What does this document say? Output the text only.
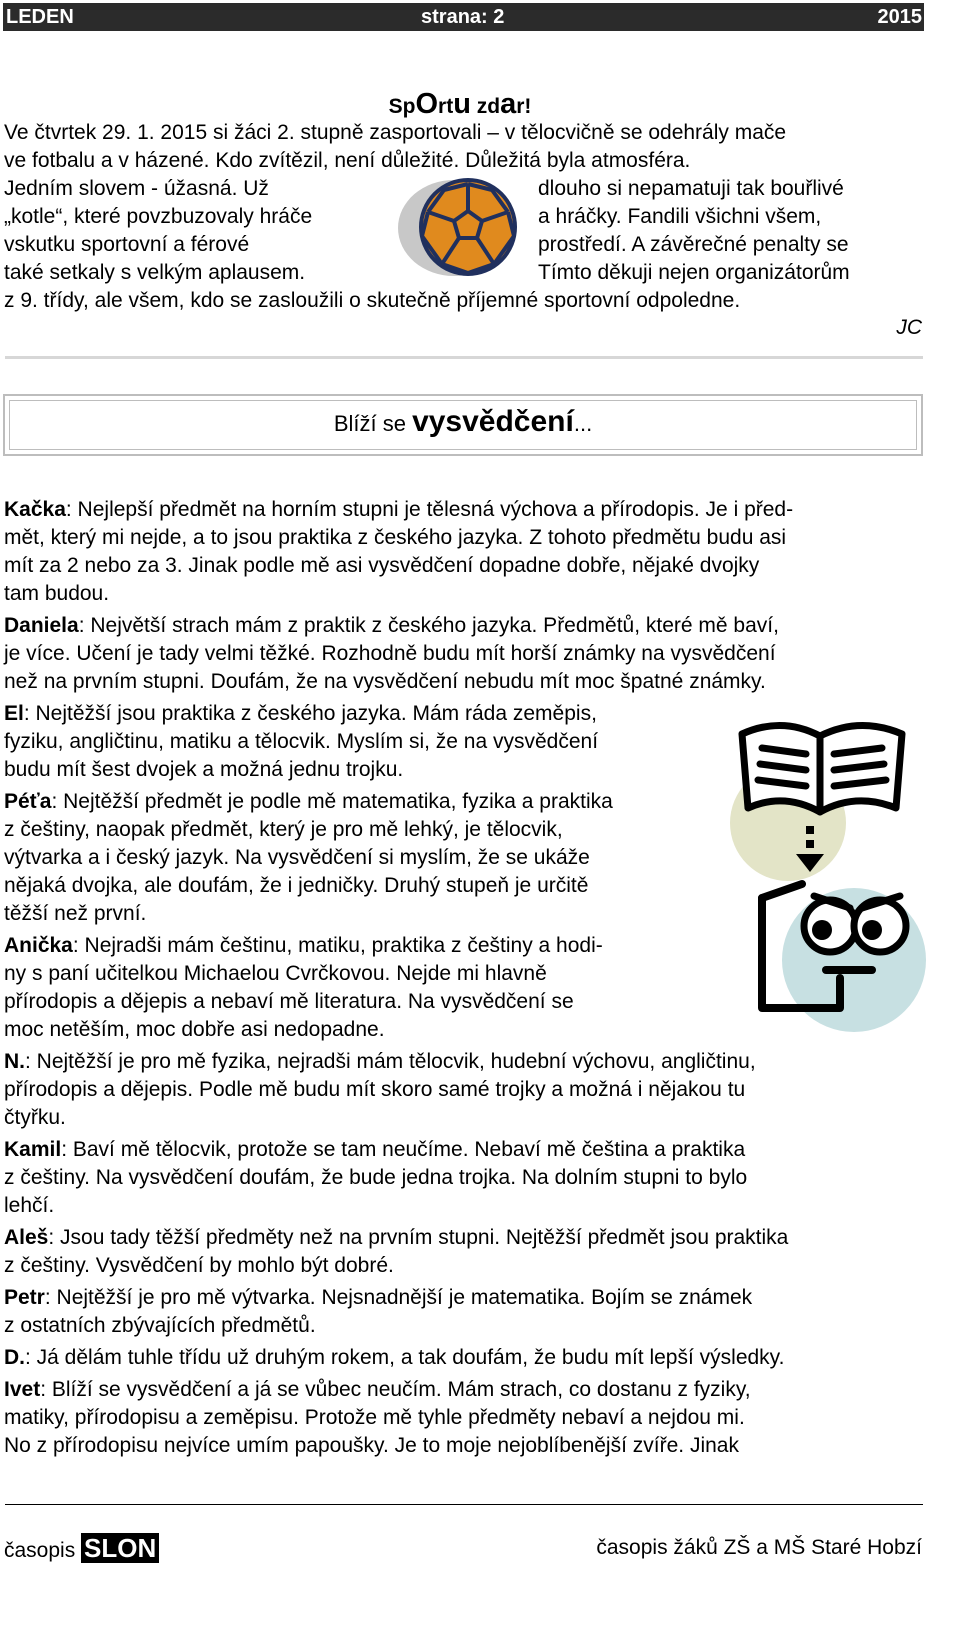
LEDEN	strana: 2	2015
SpOrtu zdar!
Ve čtvrtek 29. 1. 2015 si žáci 2. stupně zasportovali – v tělocvičně se odehrály mače
ve fotbalu a v házené. Kdo zvítězil, není důležité. Důležitá byla atmosféra.
Jedním slovem - úžasná. Už	dlouho si nepamatuji tak bouřlivé
„kotle“, které povzbuzovaly hráče	a hráčky. Fandili všichni všem,
vskutku sportovní a férové	prostředí. A závěrečné penalty se
také setkaly s velkým aplausem.	Tímto děkuji nejen organizátorům
z 9. třídy, ale všem, kdo se zasloužili o skutečně příjemné sportovní odpoledne.
JC
Blíží se vysvědčení...
Kačka: Nejlepší předmět na horním stupni je tělesná výchova a přírodopis. Je i před-
mět, který mi nejde, a to jsou praktika z českého jazyka. Z tohoto předmětu budu asi
mít za 2 nebo za 3. Jinak podle mě asi vysvědčení dopadne dobře, nějaké dvojky
tam budou.
Daniela: Největší strach mám z praktik z českého jazyka. Předmětů, které mě baví,
je více. Učení je tady velmi těžké. Rozhodně budu mít horší známky na vysvědčení
než na prvním stupni. Doufám, že na vysvědčení nebudu mít moc špatné známky.
El: Nejtěžší jsou praktika z českého jazyka. Mám ráda zeměpis,
fyziku, angličtinu, matiku a tělocvik. Myslím si, že na vysvědčení
budu mít šest dvojek a možná jednu trojku.
Péťa: Nejtěžší předmět je podle mě matematika, fyzika a praktika
z češtiny, naopak předmět, který je pro mě lehký, je tělocvik,
výtvarka a i český jazyk. Na vysvědčení si myslím, že se ukáže
nějaká dvojka, ale doufám, že i jedničky. Druhý stupeň je určitě
těžší než první.
Anička: Nejradši mám češtinu, matiku, praktika z češtiny a hodi-
ny s paní učitelkou Michaelou Cvrčkovou. Nejde mi hlavně
přírodopis a dějepis a nebaví mě literatura. Na vysvědčení se
moc netěším, moc dobře asi nedopadne.
N.: Nejtěžší je pro mě fyzika, nejradši mám tělocvik, hudební výchovu, angličtinu,
přírodopis a dějepis. Podle mě budu mít skoro samé trojky a možná i nějakou tu
čtyřku.
Kamil: Baví mě tělocvik, protože se tam neučíme. Nebaví mě čeština a praktika
z češtiny. Na vysvědčení doufám, že bude jedna trojka. Na dolním stupni to bylo
lehčí.
Aleš: Jsou tady těžší předměty než na prvním stupni. Nejtěžší předmět jsou praktika
z češtiny. Vysvědčení by mohlo být dobré.
Petr: Nejtěžší je pro mě výtvarka. Nejsnadnější je matematika. Bojím se známek
z ostatních zbývajících předmětů.
D.: Já dělám tuhle třídu už druhým rokem, a tak doufám, že budu mít lepší výsledky.
Ivet: Blíží se vysvědčení a já se vůbec neučím. Mám strach, co dostanu z fyziky,
matiky, přírodopisu a zeměpisu. Protože mě tyhle předměty nebaví a nejdou mi.
No z přírodopisu nejvíce umím papoušky. Je to moje nejoblíbenější zvíře. Jinak
časopis SLON	časopis žáků ZŠ a MŠ Staré Hobzí
